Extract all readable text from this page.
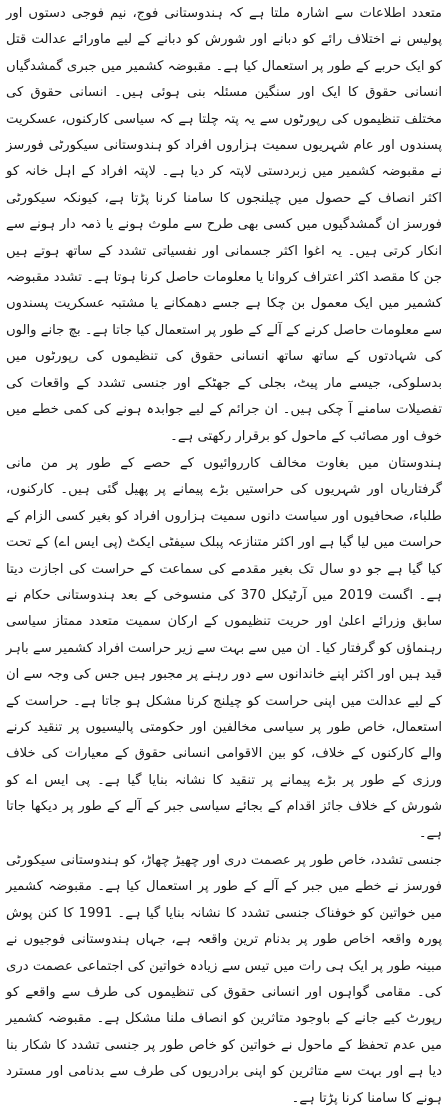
متعدد اطلاعات سے اشارہ ملتا ہے کہ ہندوستانی فوج، نیم فوجی دستوں اور پولیس نے اختلاف رائے کو دبانے اور شورش کو دبانے کے لیے ماورائے عدالت قتل کو ایک حربے کے طور پر استعمال کیا ہے۔ مقبوضہ کشمیر میں جبری گمشدگیاں انسانی حقوق کا ایک اور سنگین مسئلہ بنی ہوئی ہیں۔ انسانی حقوق کی مختلف تنظیموں کی رپورٹوں سے یہ پتہ چلتا ہے کہ سیاسی کارکنوں، عسکریت پسندوں اور عام شہریوں سمیت ہزاروں افراد کو ہندوستانی سیکورٹی فورسز نے مقبوضہ کشمیر میں زبردستی لاپتہ کر دیا ہے۔ لاپتہ افراد کے اہل خانہ کو اکثر انصاف کے حصول میں چیلنجوں کا سامنا کرنا پڑتا ہے، کیونکہ سیکورٹی فورسز ان گمشدگیوں میں کسی بھی طرح سے ملوث ہونے یا ذمہ دار ہونے سے انکار کرتی ہیں۔ یہ اغوا اکثر جسمانی اور نفسیاتی تشدد کے ساتھ ہوتے ہیں جن کا مقصد اکثر اعتراف کروانا یا معلومات حاصل کرنا ہوتا ہے۔ تشدد مقبوضہ کشمیر میں ایک معمول بن چکا ہے جسے دھمکانے یا مشتبہ عسکریت پسندوں سے معلومات حاصل کرنے کے آلے کے طور پر استعمال کیا جاتا ہے۔ بچ جانے والوں کی شہادتوں کے ساتھ ساتھ انسانی حقوق کی تنظیموں کی رپورٹوں میں بدسلوکی، جیسے مار پیٹ، بجلی کے جھٹکے اور جنسی تشدد کے واقعات کی تفصیلات سامنے آ چکی ہیں۔ ان جرائم کے لیے جوابدہ ہونے کی کمی خطے میں خوف اور مصائب کے ماحول کو برقرار رکھتی ہے۔

ہندوستان میں بغاوت مخالف کارروائیوں کے حصے کے طور پر من مانی گرفتاریاں اور شہریوں کی حراستیں بڑے پیمانے پر پھیل گئی ہیں۔ کارکنوں، طلباء، صحافیوں اور سیاست دانوں سمیت ہزاروں افراد کو بغیر کسی الزام کے حراست میں لیا گیا ہے اور اکثر متنازعہ پبلک سیفٹی ایکٹ (پی ایس اے) کے تحت کیا گیا ہے جو دو سال تک بغیر مقدمے کی سماعت کے حراست کی اجازت دیتا ہے۔ اگست 2019 میں آرٹیکل 370 کی منسوخی کے بعد ہندوستانی حکام نے سابق وزرائے اعلیٰ اور حریت تنظیموں کے ارکان سمیت متعدد ممتاز سیاسی رہنماؤں کو گرفتار کیا۔ ان میں سے بہت سے زیر حراست افراد کشمیر سے باہر قید ہیں اور اکثر اپنے خاندانوں سے دور رہنے پر مجبور ہیں جس کی وجہ سے ان کے لیے عدالت میں اپنی حراست کو چیلنج کرنا مشکل ہو جاتا ہے۔ حراست کے استعمال، خاص طور پر سیاسی مخالفین اور حکومتی پالیسیوں پر تنقید کرنے والے کارکنوں کے خلاف، کو بین الاقوامی انسانی حقوق کے معیارات کی خلاف ورزی کے طور پر بڑے پیمانے پر تنقید کا نشانہ بنایا گیا ہے۔ پی ایس اے کو شورش کے خلاف جائز اقدام کے بجائے سیاسی جبر کے آلے کے طور پر دیکھا جاتا ہے۔

جنسی تشدد، خاص طور پر عصمت دری اور چھیڑ چھاڑ، کو ہندوستانی سیکورٹی فورسز نے خطے میں جبر کے آلے کے طور پر استعمال کیا ہے۔ مقبوضہ کشمیر میں خواتین کو خوفناک جنسی تشدد کا نشانہ بنایا گیا ہے۔ 1991 کا کنن پوش پورہ واقعہ اخاص طور پر بدنام ترین واقعہ ہے، جہاں ہندوستانی فوجیوں نے مبینہ طور پر ایک ہی رات میں تیس سے زیادہ خواتین کی اجتماعی عصمت دری کی۔ مقامی گواہوں اور انسانی حقوق کی تنظیموں کی طرف سے واقعے کو رپورٹ کیے جانے کے باوجود متاثرین کو انصاف ملنا مشکل ہے۔ مقبوضہ کشمیر میں عدم تحفظ کے ماحول نے خواتین کو خاص طور پر جنسی تشدد کا شکار بنا دیا ہے اور بہت سے متاثرین کو اپنی برادریوں کی طرف سے بدنامی اور مسترد ہونے کا سامنا کرنا پڑتا ہے۔
